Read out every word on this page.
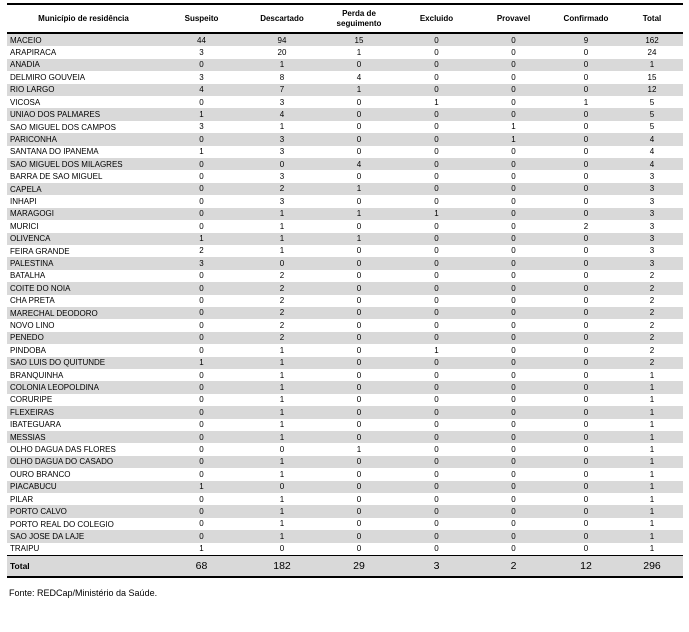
Município de residência	Suspeito	Descartado	Perda de seguimento	Excluido	Provavel	Confirmado	Total
MACEIO	44	94	15	0	0	9	162
ARAPIRACA	3	20	1	0	0	0	24
ANADIA	0	1	0	0	0	0	1
DELMIRO GOUVEIA	3	8	4	0	0	0	15
RIO LARGO	4	7	1	0	0	0	12
VICOSA	0	3	0	1	0	1	5
UNIAO DOS PALMARES	1	4	0	0	0	0	5
SAO MIGUEL DOS CAMPOS	3	1	0	0	1	0	5
PARICONHA	0	3	0	0	1	0	4
SANTANA DO IPANEMA	1	3	0	0	0	0	4
SAO MIGUEL DOS MILAGRES	0	0	4	0	0	0	4
BARRA DE SAO MIGUEL	0	3	0	0	0	0	3
CAPELA	0	2	1	0	0	0	3
INHAPI	0	3	0	0	0	0	3
MARAGOGI	0	1	1	1	0	0	3
MURICI	0	1	0	0	0	2	3
OLIVENCA	1	1	1	0	0	0	3
FEIRA GRANDE	2	1	0	0	0	0	3
PALESTINA	3	0	0	0	0	0	3
BATALHA	0	2	0	0	0	0	2
COITE DO NOIA	0	2	0	0	0	0	2
CHA PRETA	0	2	0	0	0	0	2
MARECHAL DEODORO	0	2	0	0	0	0	2
NOVO LINO	0	2	0	0	0	0	2
PENEDO	0	2	0	0	0	0	2
PINDOBA	0	1	0	1	0	0	2
SAO LUIS DO QUITUNDE	1	1	0	0	0	0	2
BRANQUINHA	0	1	0	0	0	0	1
COLONIA LEOPOLDINA	0	1	0	0	0	0	1
CORURIPE	0	1	0	0	0	0	1
FLEXEIRAS	0	1	0	0	0	0	1
IBATEGUARA	0	1	0	0	0	0	1
MESSIAS	0	1	0	0	0	0	1
OLHO DAGUA DAS FLORES	0	0	1	0	0	0	1
OLHO DAGUA DO CASADO	0	1	0	0	0	0	1
OURO BRANCO	0	1	0	0	0	0	1
PIACABUCU	1	0	0	0	0	0	1
PILAR	0	1	0	0	0	0	1
PORTO CALVO	0	1	0	0	0	0	1
PORTO REAL DO COLEGIO	0	1	0	0	0	0	1
SAO JOSE DA LAJE	0	1	0	0	0	0	1
TRAIPU	1	0	0	0	0	0	1
Total	68	182	29	3	2	12	296
Fonte: REDCap/Ministério da Saúde.
